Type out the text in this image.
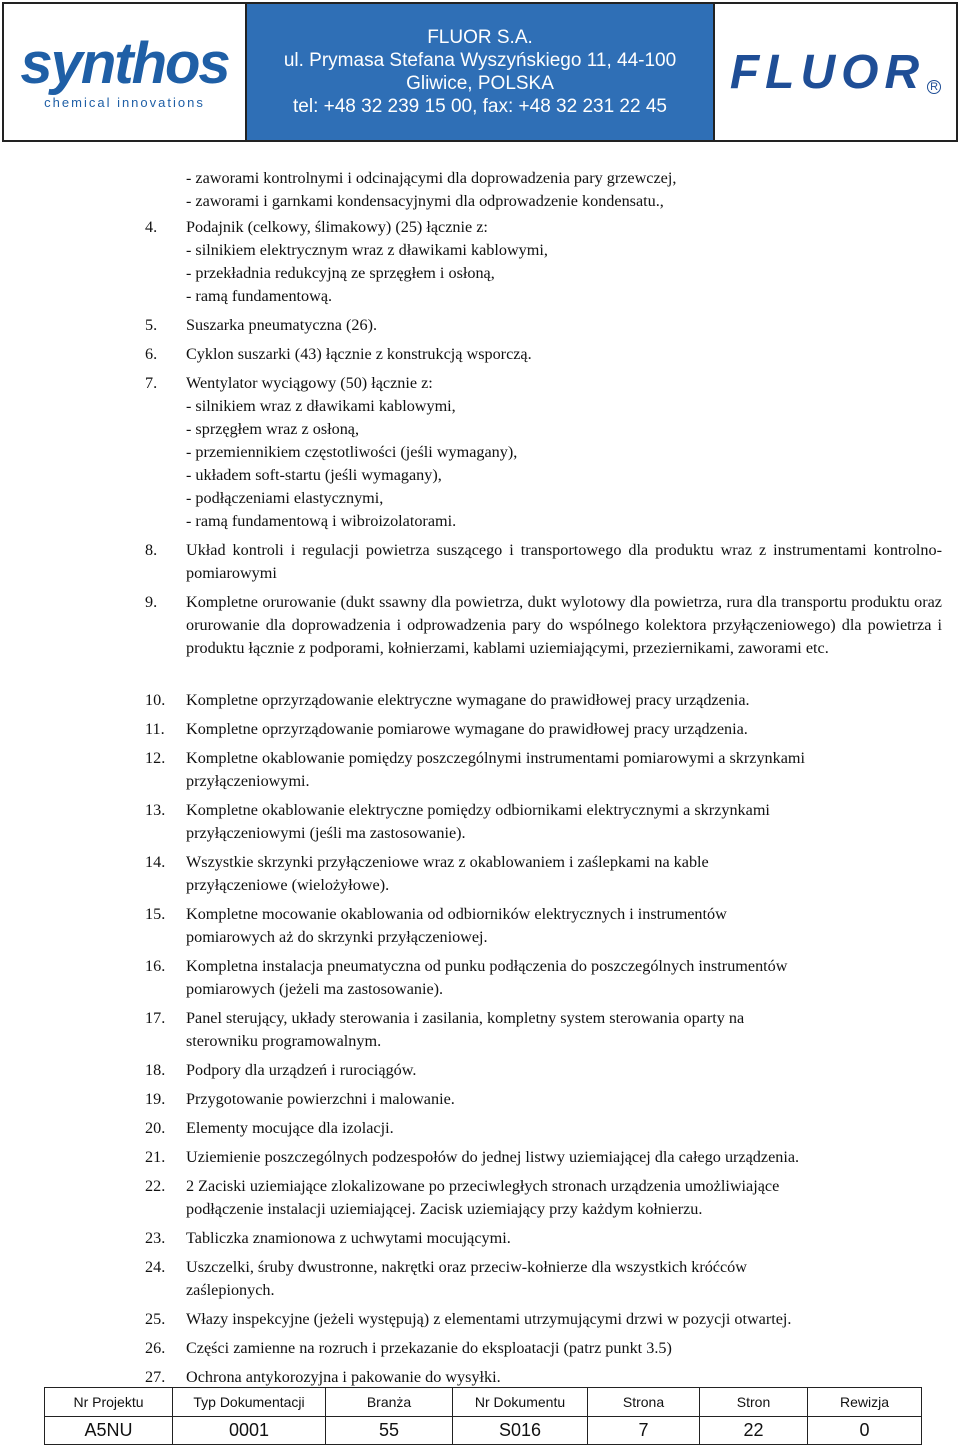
synthos
chemical innovations
FLUOR S.A.
ul. Prymasa Stefana Wyszyńskiego 11, 44-100
Gliwice, POLSKA
tel: +48 32 239 15 00, fax: +48 32 231 22 45
FLUOR R
- zaworami kontrolnymi i odcinającymi dla doprowadzenia pary grzewczej,
- zaworami i garnkami kondensacyjnymi dla odprowadzenie kondensatu.,
4.	Podajnik (celkowy, ślimakowy) (25) łącznie z:
- silnikiem elektrycznym wraz z dławikami kablowymi,
- przekładnia redukcyjną ze sprzęgłem i osłoną,
- ramą fundamentową.
5.	Suszarka pneumatyczna (26).
6.	Cyklon suszarki (43) łącznie z konstrukcją wsporczą.
7.	Wentylator wyciągowy (50) łącznie z:
- silnikiem wraz z dławikami kablowymi,
- sprzęgłem wraz z osłoną,
- przemiennikiem częstotliwości (jeśli wymagany),
- układem soft-startu (jeśli wymagany),
- podłączeniami elastycznymi,
- ramą fundamentową i wibroizolatorami.
8.	Układ kontroli i regulacji powietrza suszącego i transportowego dla produktu wraz z instrumentami kontrolno-pomiarowymi
9.	Kompletne orurowanie (dukt ssawny dla powietrza, dukt wylotowy dla powietrza, rura dla transportu produktu oraz orurowanie dla doprowadzenia i odprowadzenia pary do wspólnego kolektora przyłączeniowego) dla powietrza i produktu łącznie z podporami, kołnierzami, kablami uziemiającymi, przeziernikami, zaworami etc.
10.	Kompletne oprzyrządowanie elektryczne wymagane do prawidłowej pracy urządzenia.
11.	Kompletne oprzyrządowanie pomiarowe wymagane do prawidłowej pracy urządzenia.
12.	Kompletne okablowanie pomiędzy poszczególnymi instrumentami pomiarowymi a skrzynkami
przyłączeniowymi.
13.	Kompletne okablowanie elektryczne pomiędzy odbiornikami elektrycznymi a skrzynkami
przyłączeniowymi (jeśli ma zastosowanie).
14.	Wszystkie skrzynki przyłączeniowe wraz z okablowaniem i zaślepkami na kable
przyłączeniowe (wielożyłowe).
15.	Kompletne mocowanie okablowania od odbiorników elektrycznych i instrumentów
pomiarowych aż do skrzynki przyłączeniowej.
16.	Kompletna instalacja pneumatyczna od punku podłączenia do poszczególnych instrumentów
pomiarowych (jeżeli ma zastosowanie).
17.	Panel sterujący, układy sterowania i zasilania, kompletny system sterowania oparty na
sterowniku programowalnym.
18.	Podpory dla urządzeń i rurociągów.
19.	Przygotowanie powierzchni i malowanie.
20.	Elementy mocujące dla izolacji.
21.	Uziemienie poszczególnych podzespołów do jednej listwy uziemiającej dla całego urządzenia.
22.	2 Zaciski uziemiające zlokalizowane po przeciwległych stronach urządzenia umożliwiające
podłączenie instalacji uziemiającej. Zacisk uziemiający przy każdym kołnierzu.
23.	Tabliczka znamionowa z uchwytami mocującymi.
24.	Uszczelki, śruby dwustronne, nakrętki oraz przeciw-kołnierze dla wszystkich króćców
zaślepionych.
25.	Włazy inspekcyjne (jeżeli występują) z elementami utrzymującymi drzwi w pozycji otwartej.
26.	Części zamienne na rozruch i przekazanie do eksploatacji (patrz punkt 3.5)
27.	Ochrona antykorozyjna i pakowanie do wysyłki.
Nr Projektu	Typ Dokumentacji	Branża	Nr Dokumentu	Strona	Stron	Rewizja
A5NU	0001	55	S016	7	22	0
